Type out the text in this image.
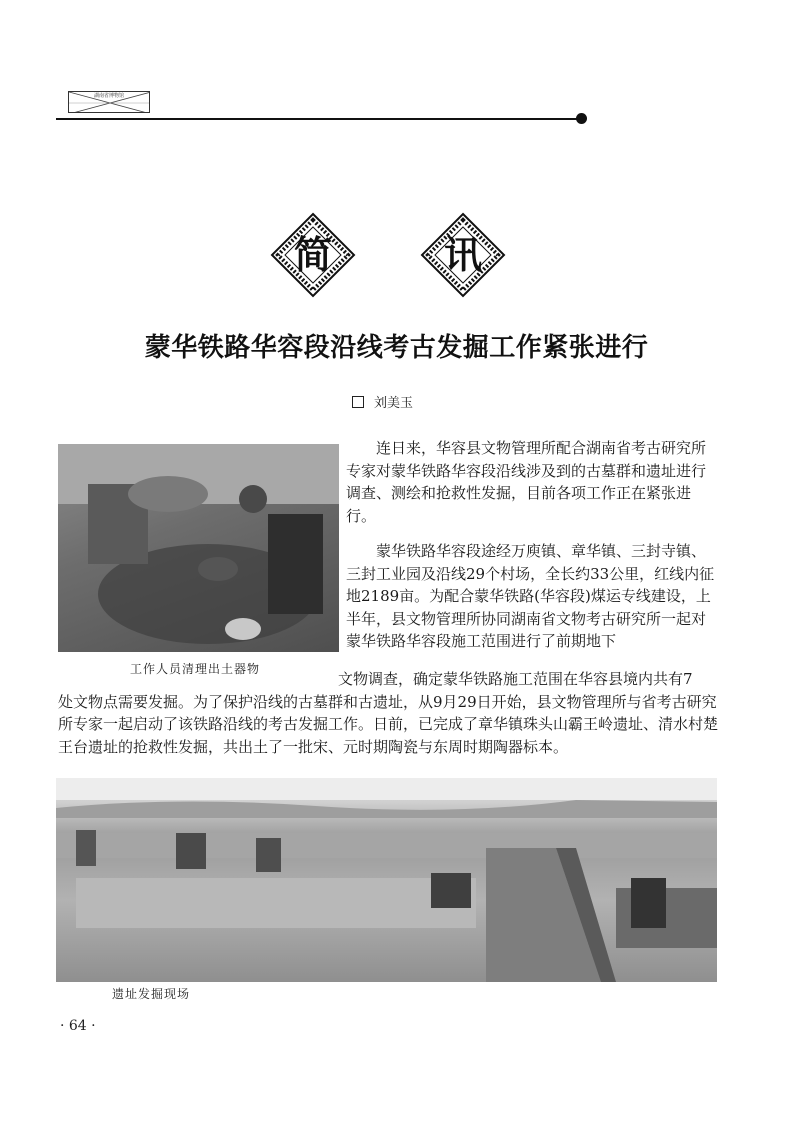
湖南省博物馆
简	讯
蒙华铁路华容段沿线考古发掘工作紧张进行
刘美玉
工作人员清理出土器物

连日来，华容县文物管理所配合湖南省考古研究所专家对蒙华铁路华容段沿线涉及到的古墓群和遗址进行调查、测绘和抢救性发掘，目前各项工作正在紧张进行。

蒙华铁路华容段途经万庾镇、章华镇、三封寺镇、三封工业园及沿线29个村场，全长约33公里，红线内征地2189亩。为配合蒙华铁路(华容段)煤运专线建设，上半年，县文物管理所协同湖南省文物考古研究所一起对蒙华铁路华容段施工范围进行了前期地下

文物调查，确定蒙华铁路施工范围在华容县境内共有7
处文物点需要发掘。为了保护沿线的古墓群和古遗址，从9月29日开始，县文物管理所与省考古研究所专家一起启动了该铁路沿线的考古发掘工作。日前，已完成了章华镇珠头山霸王岭遗址、清水村楚王台遗址的抢救性发掘，共出土了一批宋、元时期陶瓷与东周时期陶器标本。
遗址发掘现场
· 64 ·
